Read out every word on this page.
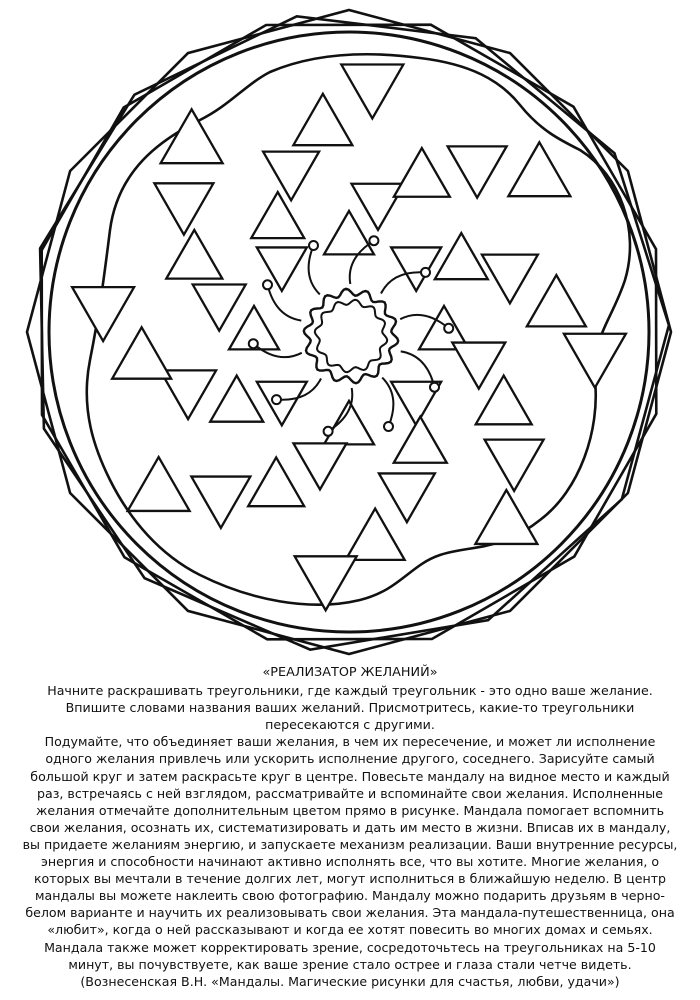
«РЕАЛИЗАТОР ЖЕЛАНИЙ»

Начните раскрашивать треугольники, где каждый треугольник - это одно ваше желание. Впишите словами названия ваших желаний. Присмотритесь, какие-то треугольники пересекаются с другими.

Подумайте, что объединяет ваши желания, в чем их пересечение, и может ли исполнение одного желания привлечь или ускорить исполнение другого, соседнего. Зарисуйте самый большой круг и затем раскрасьте круг в центре. Повесьте мандалу на видное место и каждый раз, встречаясь с ней взглядом, рассматривайте и вспоминайте свои желания. Исполненные желания отмечайте дополнительным цветом прямо в рисунке. Мандала помогает вспомнить свои желания, осознать их, систематизировать и дать им место в жизни. Вписав их в мандалу, вы придаете желаниям энергию, и запускаете механизм реализации. Ваши внутренние ресурсы, энергия и способности начинают активно исполнять все, что вы хотите. Многие желания, о которых вы мечтали в течение долгих лет, могут исполниться в ближайшую неделю. В центр мандалы вы можете наклеить свою фотографию. Мандалу можно подарить друзьям в черно-белом варианте и научить их реализовывать свои желания. Эта мандала-путешественница, она «любит», когда о ней рассказывают и когда ее хотят повесить во многих домах и семьях. Мандала также может корректировать зрение, сосредоточьтесь на треугольниках на 5-10 минут, вы почувствуете, как ваше зрение стало острее и глаза стали четче видеть.

(Вознесенская В.Н. «Мандалы. Магические рисунки для счастья, любви, удачи»)
